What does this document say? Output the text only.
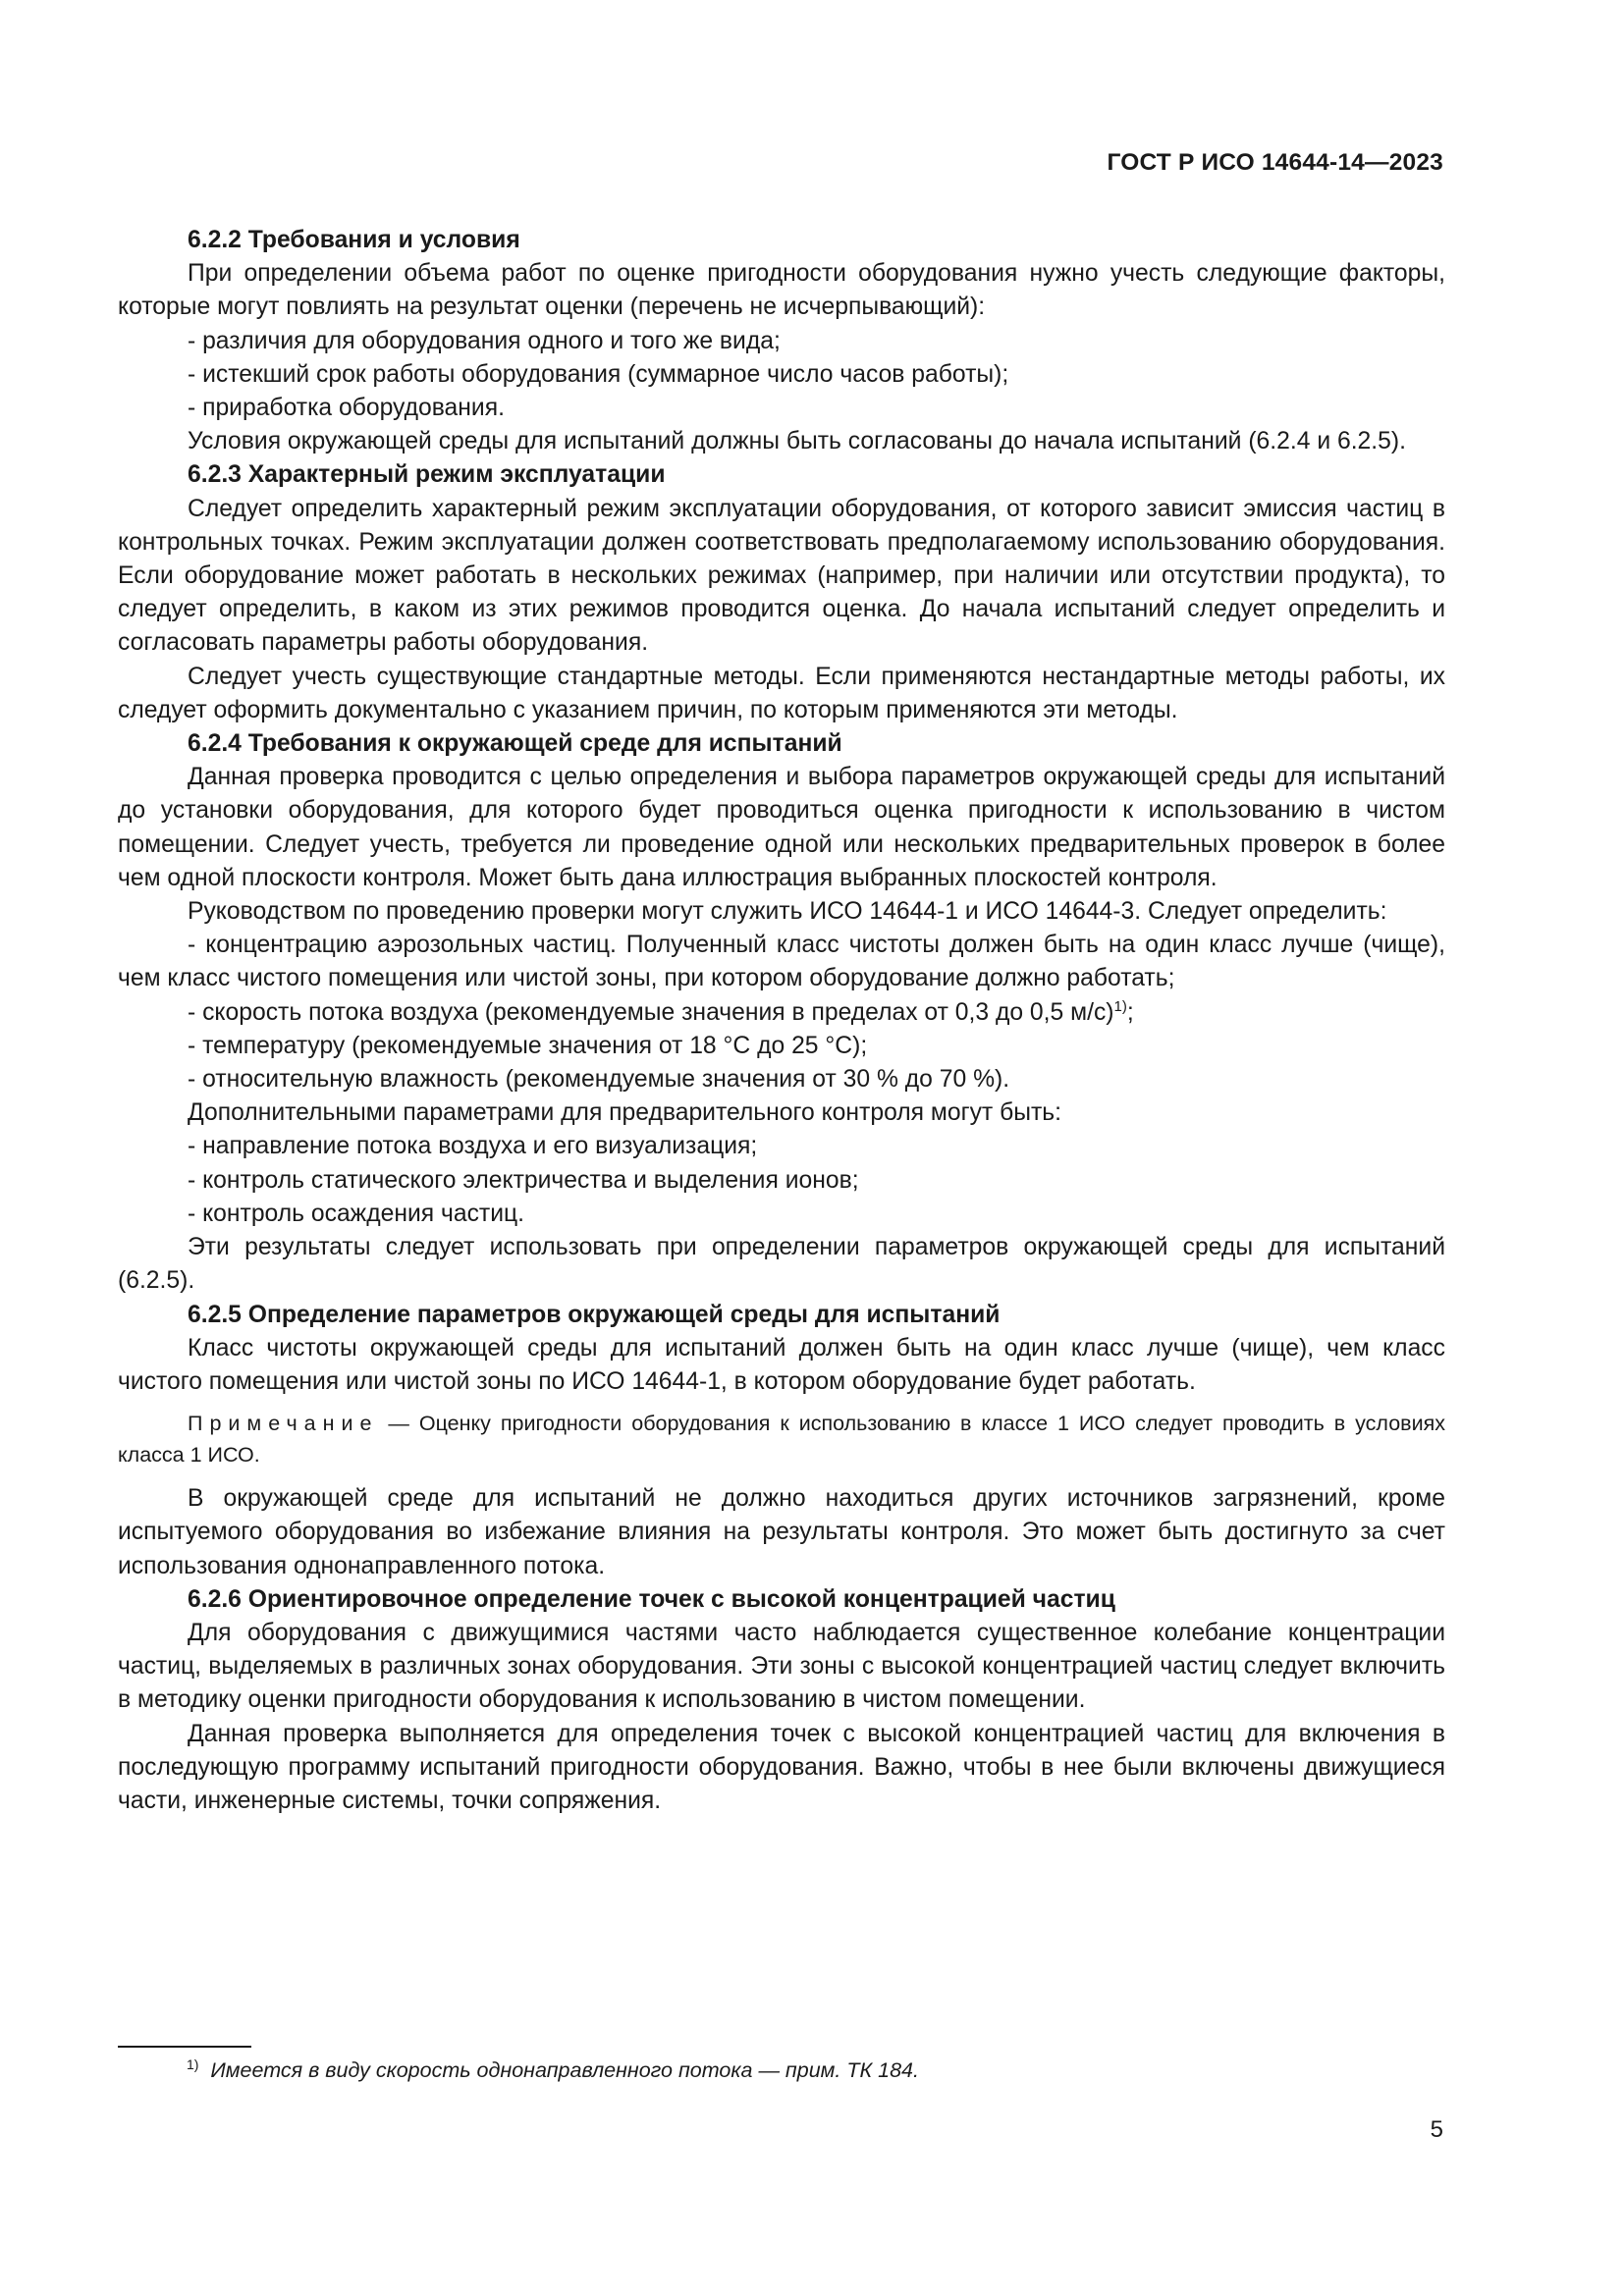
ГОСТ Р ИСО 14644-14—2023

6.2.2 Требования и условия

При определении объема работ по оценке пригодности оборудования нужно учесть следующие факторы, которые могут повлиять на результат оценки (перечень не исчерпывающий):

- различия для оборудования одного и того же вида;

- истекший срок работы оборудования (суммарное число часов работы);

- приработка оборудования.

Условия окружающей среды для испытаний должны быть согласованы до начала испытаний (6.2.4 и 6.2.5).

6.2.3 Характерный режим эксплуатации

Следует определить характерный режим эксплуатации оборудования, от которого зависит эмиссия частиц в контрольных точках. Режим эксплуатации должен соответствовать предполагаемому использованию оборудования. Если оборудование может работать в нескольких режимах (например, при наличии или отсутствии продукта), то следует определить, в каком из этих режимов проводится оценка. До начала испытаний следует определить и согласовать параметры работы оборудования.

Следует учесть существующие стандартные методы. Если применяются нестандартные методы работы, их следует оформить документально с указанием причин, по которым применяются эти методы.

6.2.4 Требования к окружающей среде для испытаний

Данная проверка проводится с целью определения и выбора параметров окружающей среды для испытаний до установки оборудования, для которого будет проводиться оценка пригодности к использованию в чистом помещении. Следует учесть, требуется ли проведение одной или нескольких предварительных проверок в более чем одной плоскости контроля. Может быть дана иллюстрация выбранных плоскостей контроля.

Руководством по проведению проверки могут служить ИСО 14644-1 и ИСО 14644-3. Следует определить:

- концентрацию аэрозольных частиц. Полученный класс чистоты должен быть на один класс лучше (чище), чем класс чистого помещения или чистой зоны, при котором оборудование должно работать;

- скорость потока воздуха (рекомендуемые значения в пределах от 0,3 до 0,5 м/с)$^{1)}$;

- температуру (рекомендуемые значения от 18 °C до 25 °C);

- относительную влажность (рекомендуемые значения от 30 % до 70 %).

Дополнительными параметрами для предварительного контроля могут быть:

- направление потока воздуха и его визуализация;

- контроль статического электричества и выделения ионов;

- контроль осаждения частиц.

Эти результаты следует использовать при определении параметров окружающей среды для испытаний (6.2.5).

6.2.5 Определение параметров окружающей среды для испытаний

Класс чистоты окружающей среды для испытаний должен быть на один класс лучше (чище), чем класс чистого помещения или чистой зоны по ИСО 14644-1, в котором оборудование будет работать.

Примечание — Оценку пригодности оборудования к использованию в классе 1 ИСО следует проводить в условиях класса 1 ИСО.

В окружающей среде для испытаний не должно находиться других источников загрязнений, кроме испытуемого оборудования во избежание влияния на результаты контроля. Это может быть достигнуто за счет использования однонаправленного потока.

6.2.6 Ориентировочное определение точек с высокой концентрацией частиц

Для оборудования с движущимися частями часто наблюдается существенное колебание концентрации частиц, выделяемых в различных зонах оборудования. Эти зоны с высокой концентрацией частиц следует включить в методику оценки пригодности оборудования к использованию в чистом помещении.

Данная проверка выполняется для определения точек с высокой концентрацией частиц для включения в последующую программу испытаний пригодности оборудования. Важно, чтобы в нее были включены движущиеся части, инженерные системы, точки сопряжения.

$^{1)}$ Имеется в виду скорость однонаправленного потока — прим. ТК 184.
5
